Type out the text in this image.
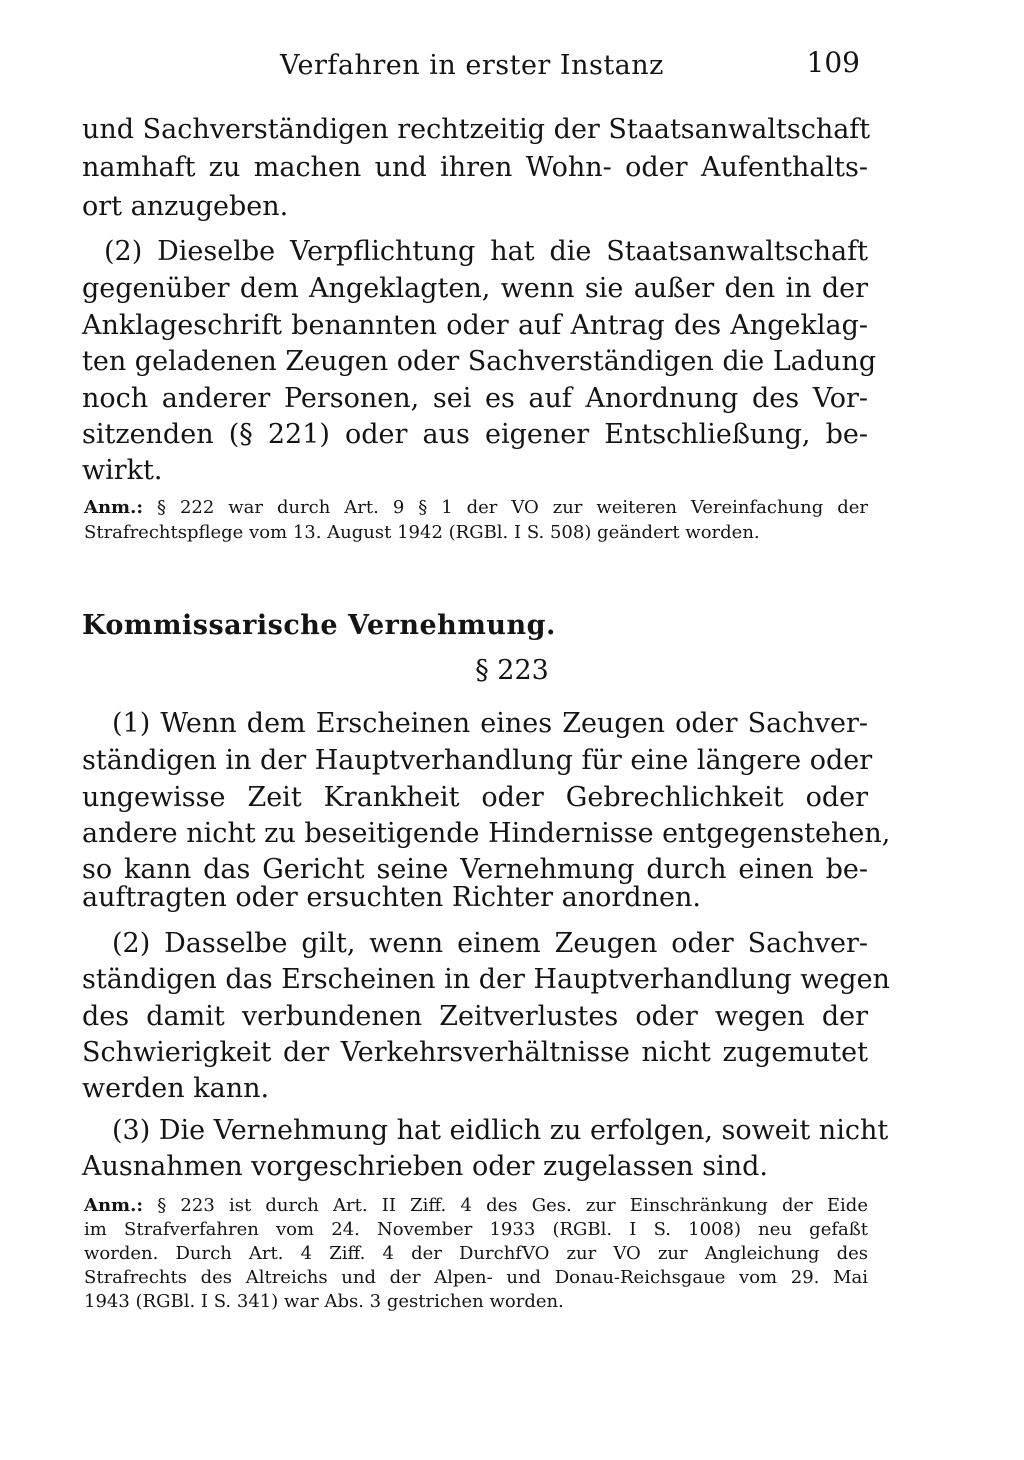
Verfahren in erster Instanz	109
und Sachverständigen rechtzeitig der Staatsanwaltschaft
namhaft zu machen und ihren Wohn- oder Aufenthalts-
ort anzugeben.
(2) Dieselbe Verpflichtung hat die Staatsanwaltschaft
gegenüber dem Angeklagten, wenn sie außer den in der
Anklageschrift benannten oder auf Antrag des Angeklag-
ten geladenen Zeugen oder Sachverständigen die Ladung
noch anderer Personen, sei es auf Anordnung des Vor-
sitzenden (§ 221) oder aus eigener Entschließung, be-
wirkt.
Anm.: § 222 war durch Art. 9 § 1 der VO zur weiteren Vereinfachung der
Strafrechtspflege vom 13. August 1942 (RGBl. I S. 508) geändert worden.
Kommissarische Vernehmung.
§ 223
(1) Wenn dem Erscheinen eines Zeugen oder Sachver-
ständigen in der Hauptverhandlung für eine längere oder
ungewisse Zeit Krankheit oder Gebrechlichkeit oder
andere nicht zu beseitigende Hindernisse entgegenstehen,
so kann das Gericht seine Vernehmung durch einen be-
auftragten oder ersuchten Richter anordnen.
(2) Dasselbe gilt, wenn einem Zeugen oder Sachver-
ständigen das Erscheinen in der Hauptverhandlung wegen
des damit verbundenen Zeitverlustes oder wegen der
Schwierigkeit der Verkehrsverhältnisse nicht zugemutet
werden kann.
(3) Die Vernehmung hat eidlich zu erfolgen, soweit nicht
Ausnahmen vorgeschrieben oder zugelassen sind.
Anm.: § 223 ist durch Art. II Ziff. 4 des Ges. zur Einschränkung der Eide
im Strafverfahren vom 24. November 1933 (RGBl. I S. 1008) neu gefaßt
worden. Durch Art. 4 Ziff. 4 der DurchfVO zur VO zur Angleichung des
Strafrechts des Altreichs und der Alpen- und Donau-Reichsgaue vom 29. Mai
1943 (RGBl. I S. 341) war Abs. 3 gestrichen worden.
